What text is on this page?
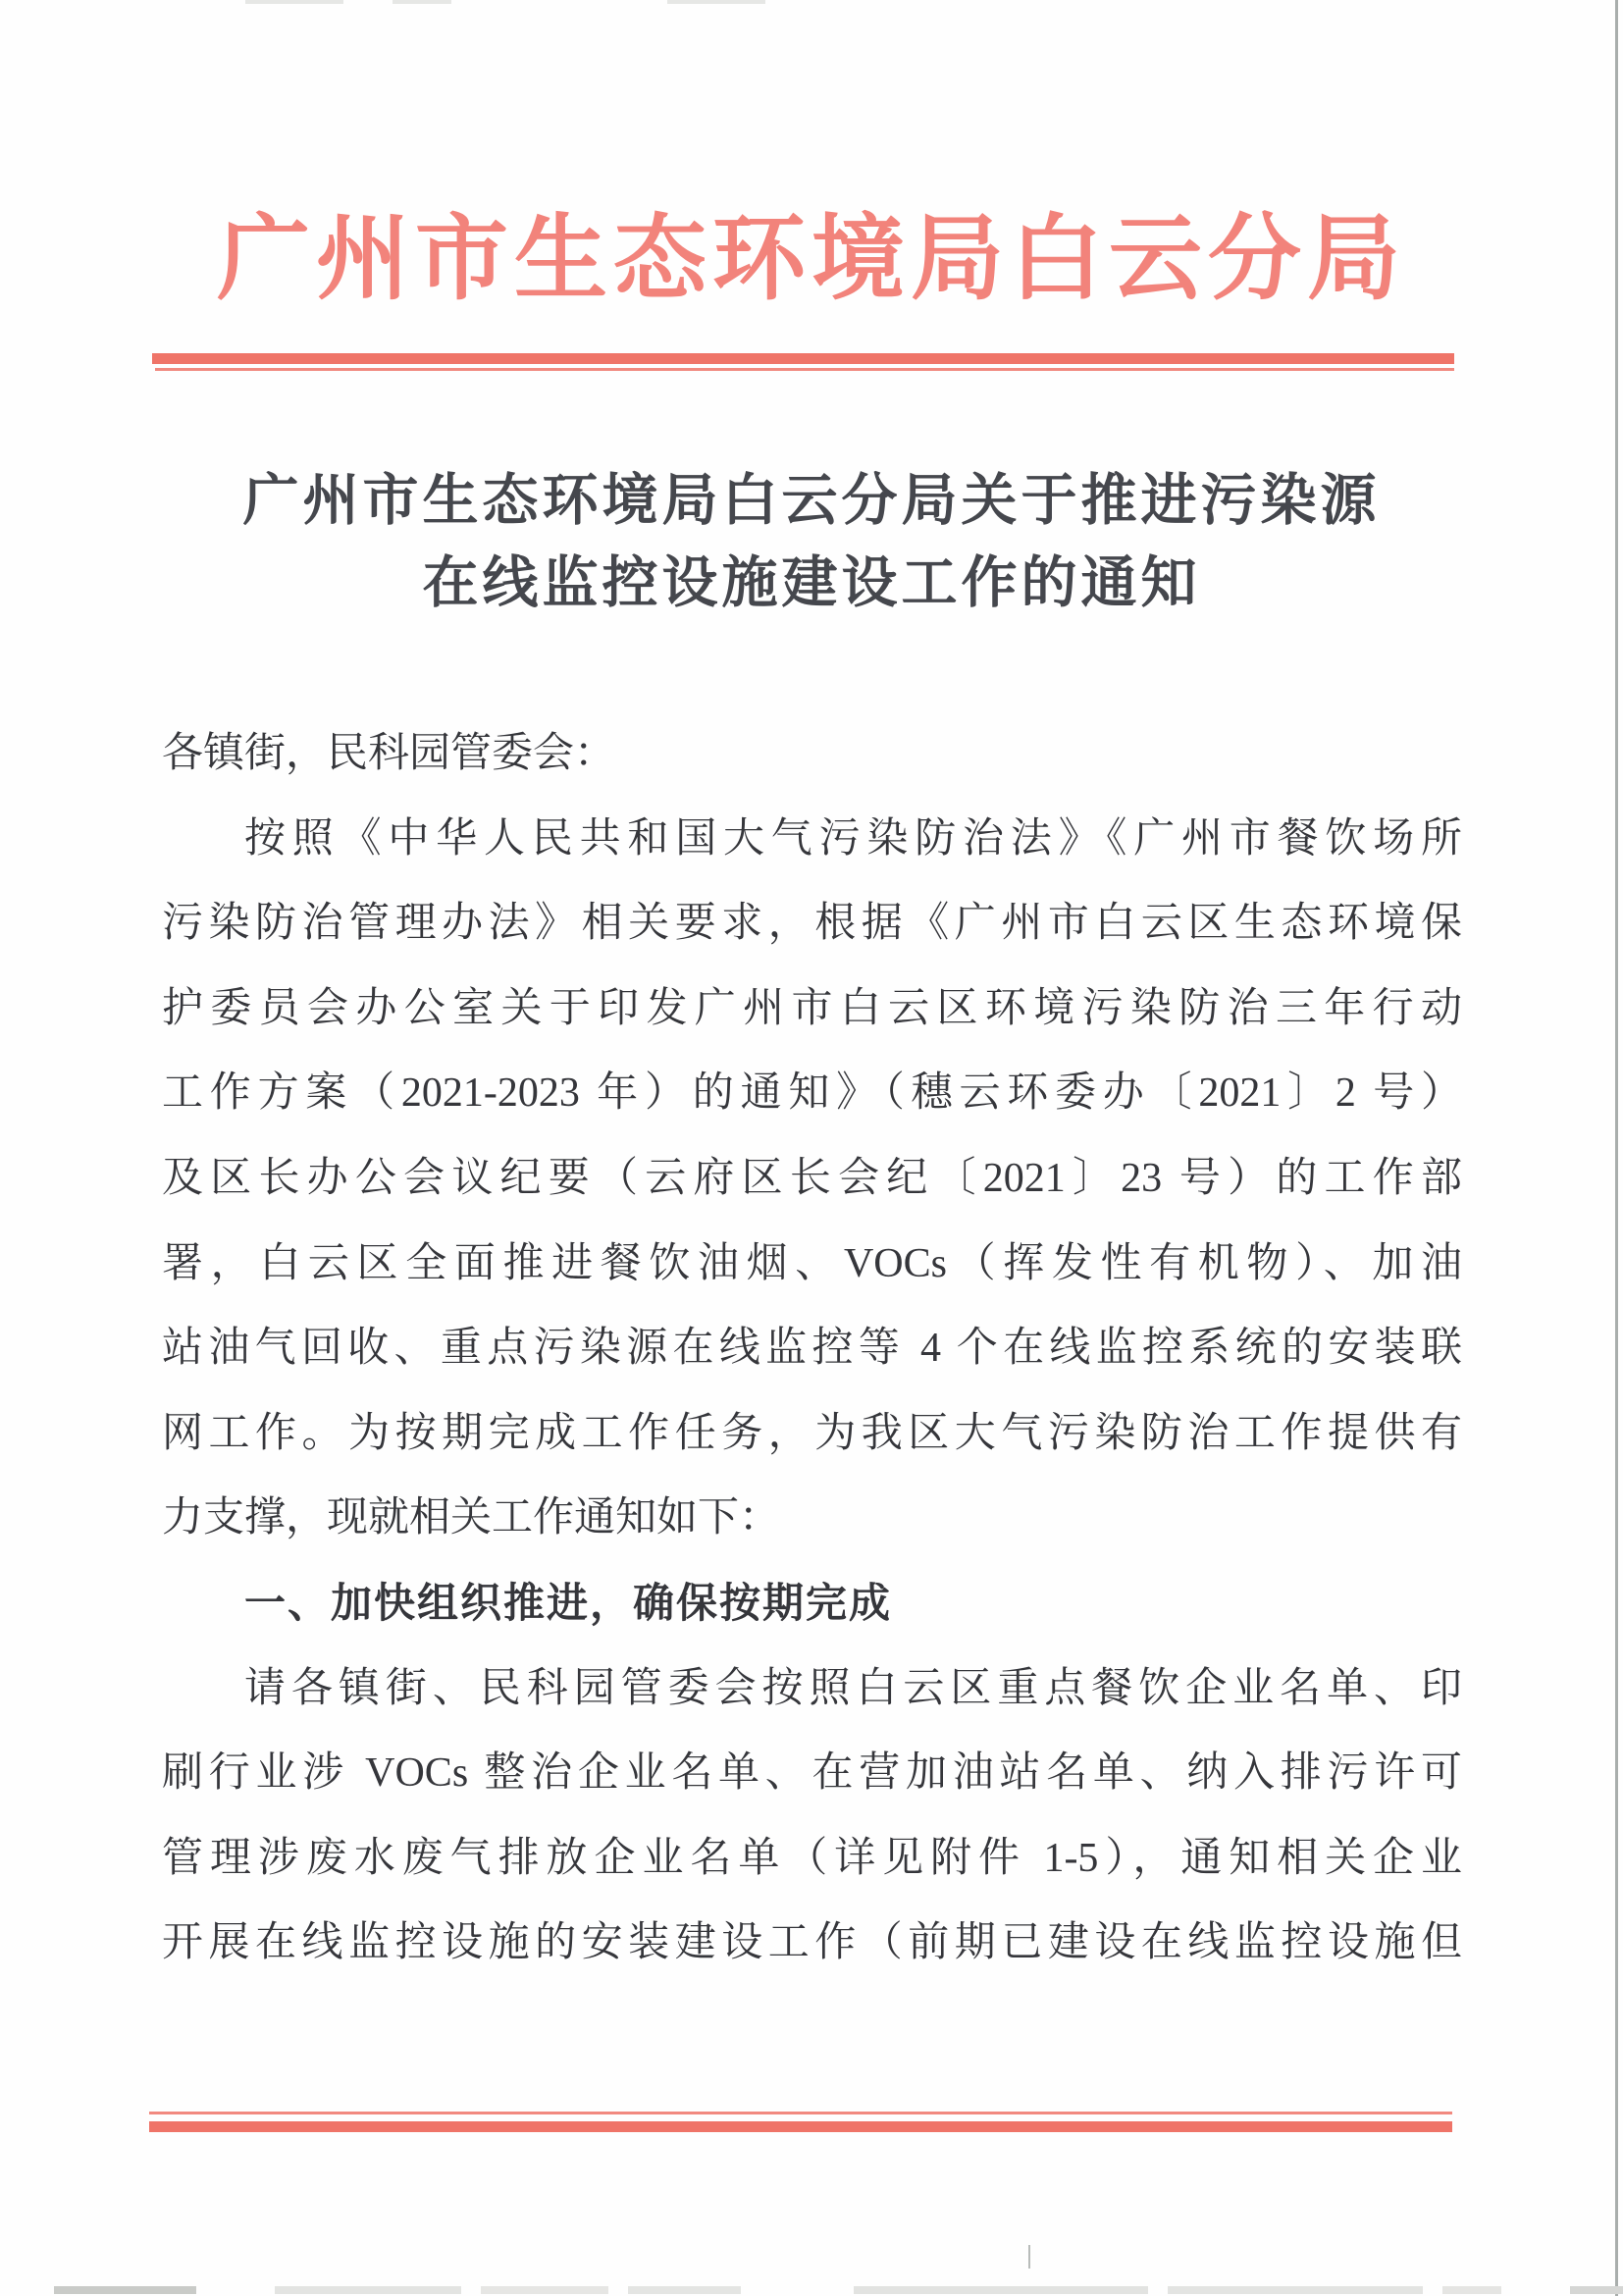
广州市生态环境局白云分局
广州市生态环境局白云分局关于推进污染源
在线监控设施建设工作的通知
各镇街，民科园管委会：
按照《中华人民共和国大气污染防治法》《广州市餐饮场所
污染防治管理办法》相关要求，根据《广州市白云区生态环境保
护委员会办公室关于印发广州市白云区环境污染防治三年行动
工作方案（2021-2023 年）的通知》（穗云环委办〔2021〕2 号）
及区长办公会议纪要（云府区长会纪〔2021〕23 号）的工作部
署，白云区全面推进餐饮油烟、VOCs（挥发性有机物）、加油
站油气回收、重点污染源在线监控等 4 个在线监控系统的安装联
网工作。为按期完成工作任务，为我区大气污染防治工作提供有
力支撑，现就相关工作通知如下：
一、加快组织推进，确保按期完成
请各镇街、民科园管委会按照白云区重点餐饮企业名单、印
刷行业涉 VOCs 整治企业名单、在营加油站名单、纳入排污许可
管理涉废水废气排放企业名单（详见附件 1-5），通知相关企业
开展在线监控设施的安装建设工作（前期已建设在线监控设施但
